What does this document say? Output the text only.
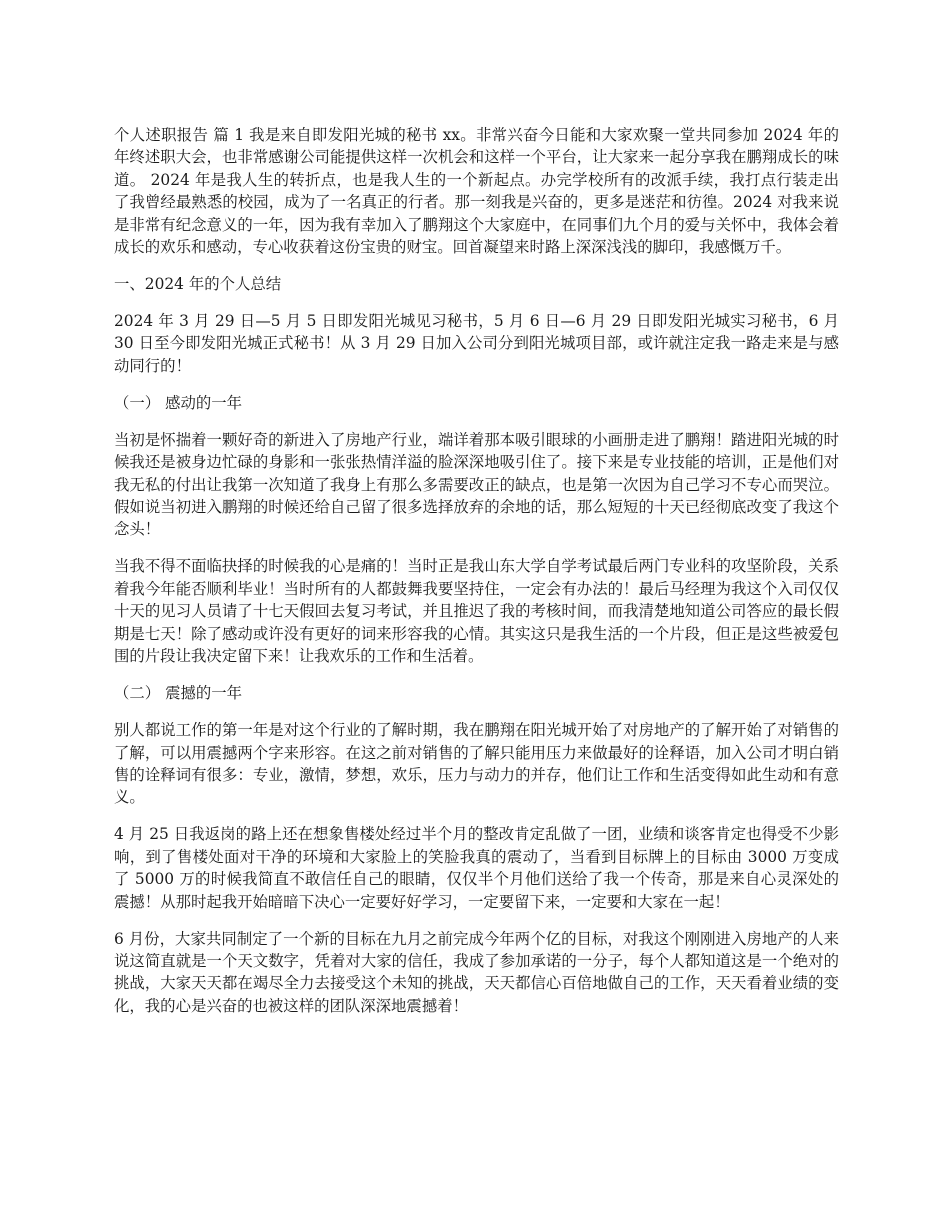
个人述职报告 篇 1 我是来自即发阳光城的秘书 xx。非常兴奋今日能和大家欢聚一堂共同参加 2024 年的年终述职大会，也非常感谢公司能提供这样一次机会和这样一个平台，让大家来一起分享我在鹏翔成长的味道。 2024 年是我人生的转折点，也是我人生的一个新起点。办完学校所有的改派手续，我打点行装走出了我曾经最熟悉的校园，成为了一名真正的行者。那一刻我是兴奋的，更多是迷茫和彷徨。2024 对我来说是非常有纪念意义的一年，因为我有幸加入了鹏翔这个大家庭中，在同事们九个月的爱与关怀中，我体会着成长的欢乐和感动，专心收获着这份宝贵的财宝。回首凝望来时路上深深浅浅的脚印，我感慨万千。

一、2024 年的个人总结

2024 年 3 月 29 日—5 月 5 日即发阳光城见习秘书，5 月 6 日—6 月 29 日即发阳光城实习秘书，6 月 30 日至今即发阳光城正式秘书！从 3 月 29 日加入公司分到阳光城项目部，或许就注定我一路走来是与感动同行的！

（一） 感动的一年

当初是怀揣着一颗好奇的新进入了房地产行业，端详着那本吸引眼球的小画册走进了鹏翔！踏进阳光城的时候我还是被身边忙碌的身影和一张张热情洋溢的脸深深地吸引住了。接下来是专业技能的培训，正是他们对我无私的付出让我第一次知道了我身上有那么多需要改正的缺点，也是第一次因为自己学习不专心而哭泣。假如说当初进入鹏翔的时候还给自己留了很多选择放弃的余地的话，那么短短的十天已经彻底改变了我这个念头！

当我不得不面临抉择的时候我的心是痛的！当时正是我山东大学自学考试最后两门专业科的攻坚阶段，关系着我今年能否顺利毕业！当时所有的人都鼓舞我要坚持住，一定会有办法的！最后马经理为我这个入司仅仅十天的见习人员请了十七天假回去复习考试，并且推迟了我的考核时间，而我清楚地知道公司答应的最长假期是七天！除了感动或许没有更好的词来形容我的心情。其实这只是我生活的一个片段，但正是这些被爱包围的片段让我决定留下来！让我欢乐的工作和生活着。

（二） 震撼的一年

别人都说工作的第一年是对这个行业的了解时期，我在鹏翔在阳光城开始了对房地产的了解开始了对销售的了解，可以用震撼两个字来形容。在这之前对销售的了解只能用压力来做最好的诠释语，加入公司才明白销售的诠释词有很多：专业，激情，梦想，欢乐，压力与动力的并存，他们让工作和生活变得如此生动和有意义。

4 月 25 日我返岗的路上还在想象售楼处经过半个月的整改肯定乱做了一团，业绩和谈客肯定也得受不少影响，到了售楼处面对干净的环境和大家脸上的笑脸我真的震动了，当看到目标牌上的目标由 3000 万变成了 5000 万的时候我简直不敢信任自己的眼睛，仅仅半个月他们送给了我一个传奇，那是来自心灵深处的震撼！从那时起我开始暗暗下决心一定要好好学习，一定要留下来，一定要和大家在一起！

6 月份，大家共同制定了一个新的目标在九月之前完成今年两个亿的目标，对我这个刚刚进入房地产的人来说这简直就是一个天文数字，凭着对大家的信任，我成了参加承诺的一分子，每个人都知道这是一个绝对的挑战，大家天天都在竭尽全力去接受这个未知的挑战，天天都信心百倍地做自己的工作，天天看着业绩的变化，我的心是兴奋的也被这样的团队深深地震撼着！
